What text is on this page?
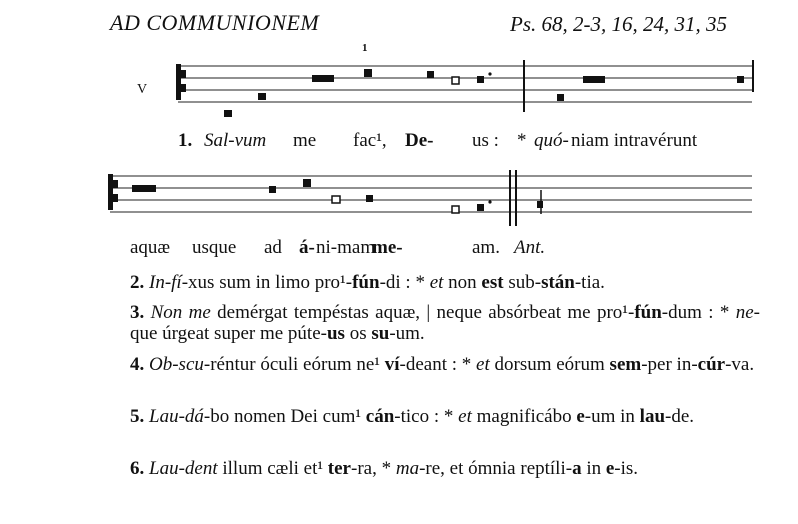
AD COMMUNIONEM	Ps. 68, 2-3, 16, 24, 31, 35
1
V
1. Sal-vum me fac¹, De- us : * quó- niam intravérunt
aquæ usque ad á- ni-mam
me-	am. Ant.
2. In-fí-xus sum in limo pro¹-fún-di : * et non est sub-stán-tia.
3. Non me demérgat tempéstas aquæ, | neque absórbeat me pro¹-fún-dum : * ne-que úrgeat super me púte-us os su-um.
4. Ob-scu-réntur óculi eórum ne¹ ví-deant : * et dorsum eórum sem-per in-cúr-va.
5. Lau-dá-bo nomen Dei cum¹ cán-tico : * et magnificábo e-um in lau-de.
6. Lau-dent illum cæli et¹ ter-ra, * ma-re, et ómnia reptíli-a in e-is.
